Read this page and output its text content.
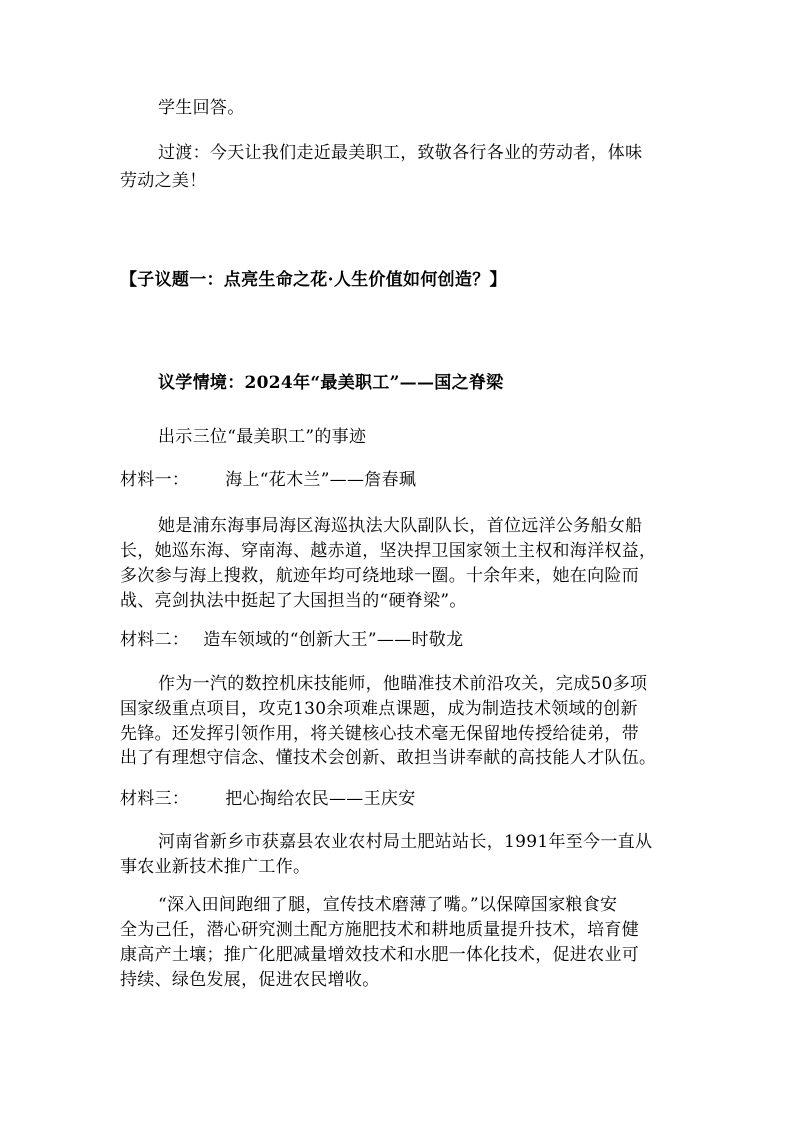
学生回答。

过渡：今天让我们走近最美职工，致敬各行各业的劳动者，体味

劳动之美！

【子议题一：点亮生命之花·人生价值如何创造？】

议学情境：2024年“最美职工”——国之脊梁

出示三位“最美职工”的事迹

材料一： 海上“花木兰”——詹春珮

她是浦东海事局海区海巡执法大队副队长，首位远洋公务船女船

长，她巡东海、穿南海、越赤道，坚决捍卫国家领土主权和海洋权益，

多次参与海上搜救，航迹年均可绕地球一圈。十余年来，她在向险而

战、亮剑执法中挺起了大国担当的“硬脊梁”。

材料二： 造车领域的“创新大王”——时敬龙

作为一汽的数控机床技能师，他瞄准技术前沿攻关，完成50多项

国家级重点项目，攻克130余项难点课题，成为制造技术领域的创新

先锋。还发挥引领作用，将关键核心技术毫无保留地传授给徒弟，带

出了有理想守信念、懂技术会创新、敢担当讲奉献的高技能人才队伍。

材料三： 把心掏给农民——王庆安

河南省新乡市获嘉县农业农村局土肥站站长，1991年至今一直从

事农业新技术推广工作。

“深入田间跑细了腿，宣传技术磨薄了嘴。”以保障国家粮食安

全为己任，潜心研究测土配方施肥技术和耕地质量提升技术，培育健

康高产土壤；推广化肥减量增效技术和水肥一体化技术，促进农业可

持续、绿色发展，促进农民增收。
